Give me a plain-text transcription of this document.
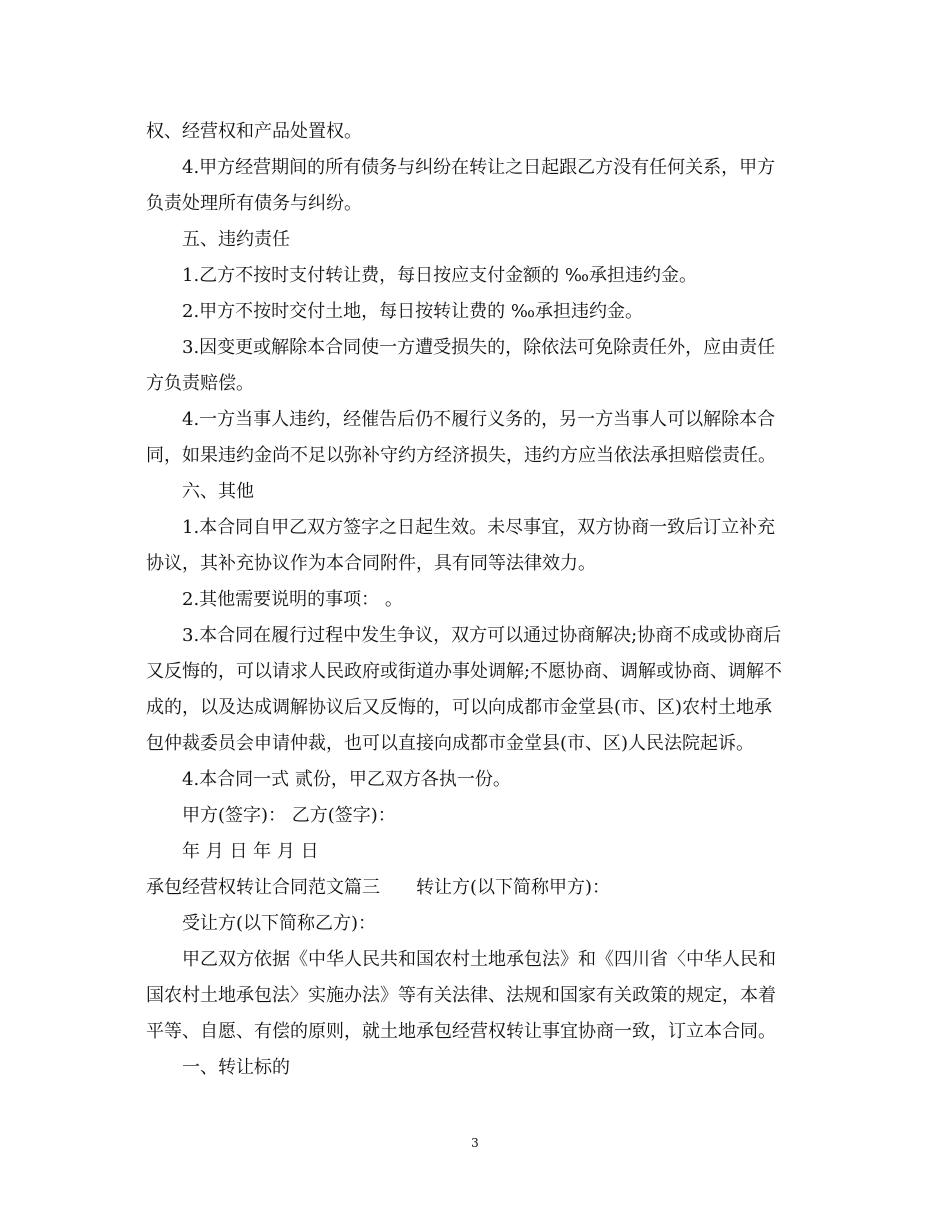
权、经营权和产品处置权。
4.甲方经营期间的所有债务与纠纷在转让之日起跟乙方没有任何关系，甲方
负责处理所有债务与纠纷。
五、违约责任
1.乙方不按时支付转让费，每日按应支付金额的 ‰承担违约金。
2.甲方不按时交付土地，每日按转让费的 ‰承担违约金。
3.因变更或解除本合同使一方遭受损失的，除依法可免除责任外，应由责任
方负责赔偿。
4.一方当事人违约，经催告后仍不履行义务的，另一方当事人可以解除本合
同，如果违约金尚不足以弥补守约方经济损失，违约方应当依法承担赔偿责任。
六、其他
1.本合同自甲乙双方签字之日起生效。未尽事宜，双方协商一致后订立补充
协议，其补充协议作为本合同附件，具有同等法律效力。
2.其他需要说明的事项： 。
3.本合同在履行过程中发生争议，双方可以通过协商解决;协商不成或协商后
又反悔的，可以请求人民政府或街道办事处调解;不愿协商、调解或协商、调解不
成的，以及达成调解协议后又反悔的，可以向成都市金堂县(市、区)农村土地承
包仲裁委员会申请仲裁，也可以直接向成都市金堂县(市、区)人民法院起诉。
4.本合同一式 贰份，甲乙双方各执一份。
甲方(签字)： 乙方(签字)：
年 月 日 年 月 日
承包经营权转让合同范文篇三　　转让方(以下简称甲方)：
受让方(以下简称乙方)：
甲乙双方依据《中华人民共和国农村土地承包法》和《四川省〈中华人民和
国农村土地承包法〉实施办法》等有关法律、法规和国家有关政策的规定，本着
平等、自愿、有偿的原则，就土地承包经营权转让事宜协商一致，订立本合同。
一、转让标的
3
